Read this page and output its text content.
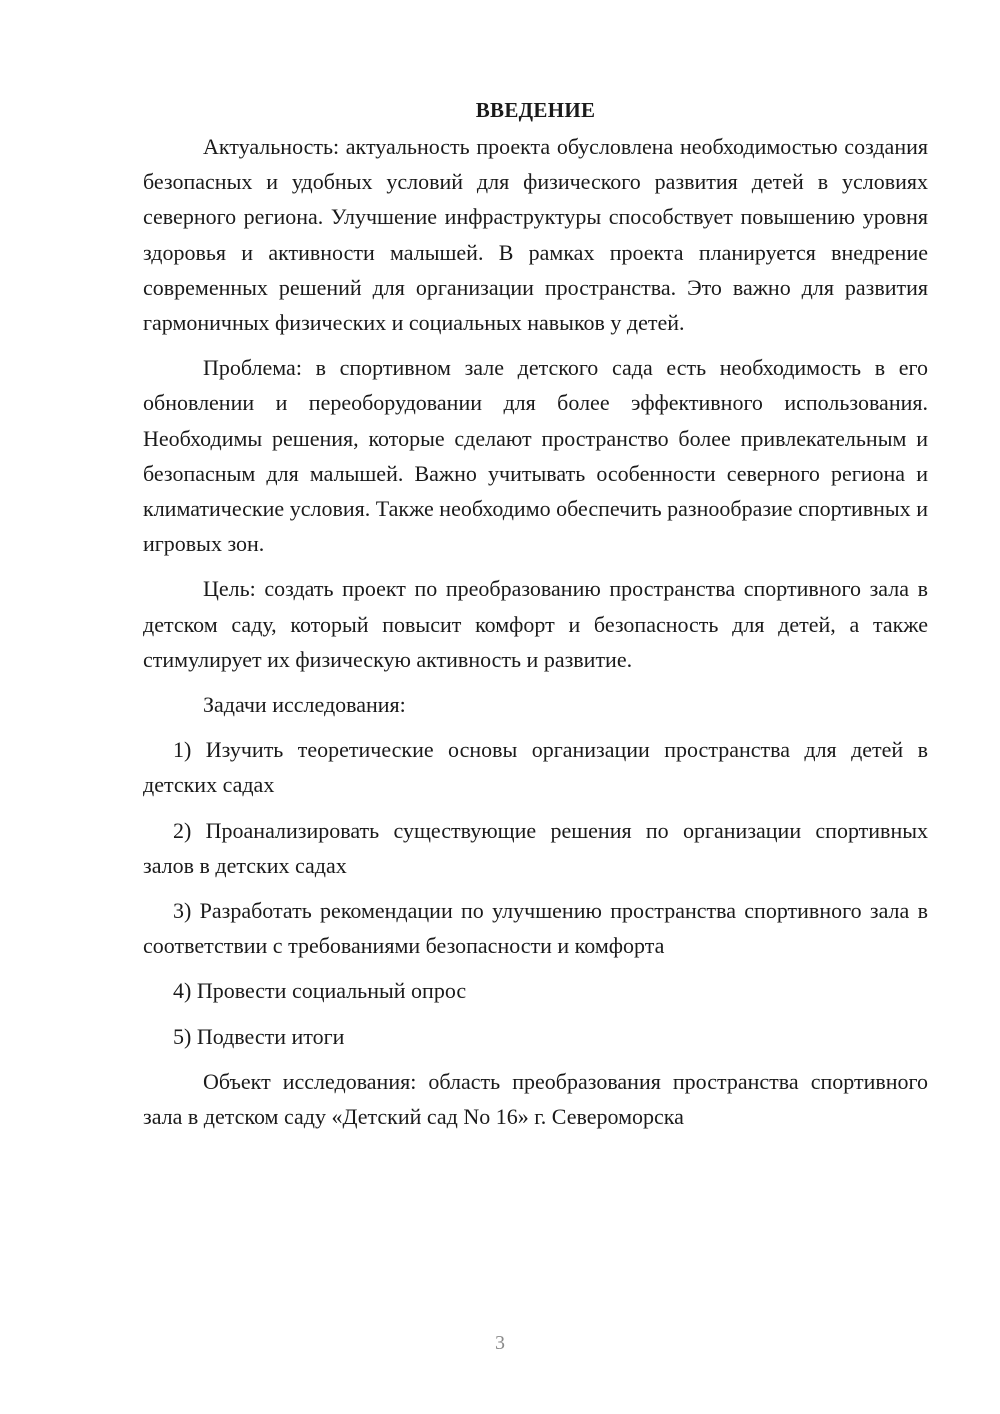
ВВЕДЕНИЕ

Актуальность: актуальность проекта обусловлена необходимостью создания безопасных и удобных условий для физического развития детей в условиях северного региона. Улучшение инфраструктуры способствует повышению уровня здоровья и активности малышей. В рамках проекта планируется внедрение современных решений для организации пространства. Это важно для развития гармоничных физических и социальных навыков у детей.

Проблема: в спортивном зале детского сада есть необходимость в его обновлении и переоборудовании для более эффективного использования. Необходимы решения, которые сделают пространство более привлекательным и безопасным для малышей. Важно учитывать особенности северного региона и климатические условия. Также необходимо обеспечить разнообразие спортивных и игровых зон.

Цель: создать проект по преобразованию пространства спортивного зала в детском саду, который повысит комфорт и безопасность для детей, а также стимулирует их физическую активность и развитие.

Задачи исследования:

1) Изучить теоретические основы организации пространства для детей в детских садах

2) Проанализировать существующие решения по организации спортивных залов в детских садах

3) Разработать рекомендации по улучшению пространства спортивного зала в соответствии с требованиями безопасности и комфорта

4) Провести социальный опрос

5) Подвести итоги

Объект исследования: область преобразования пространства спортивного зала в детском саду «Детский сад No 16» г. Североморска

3
